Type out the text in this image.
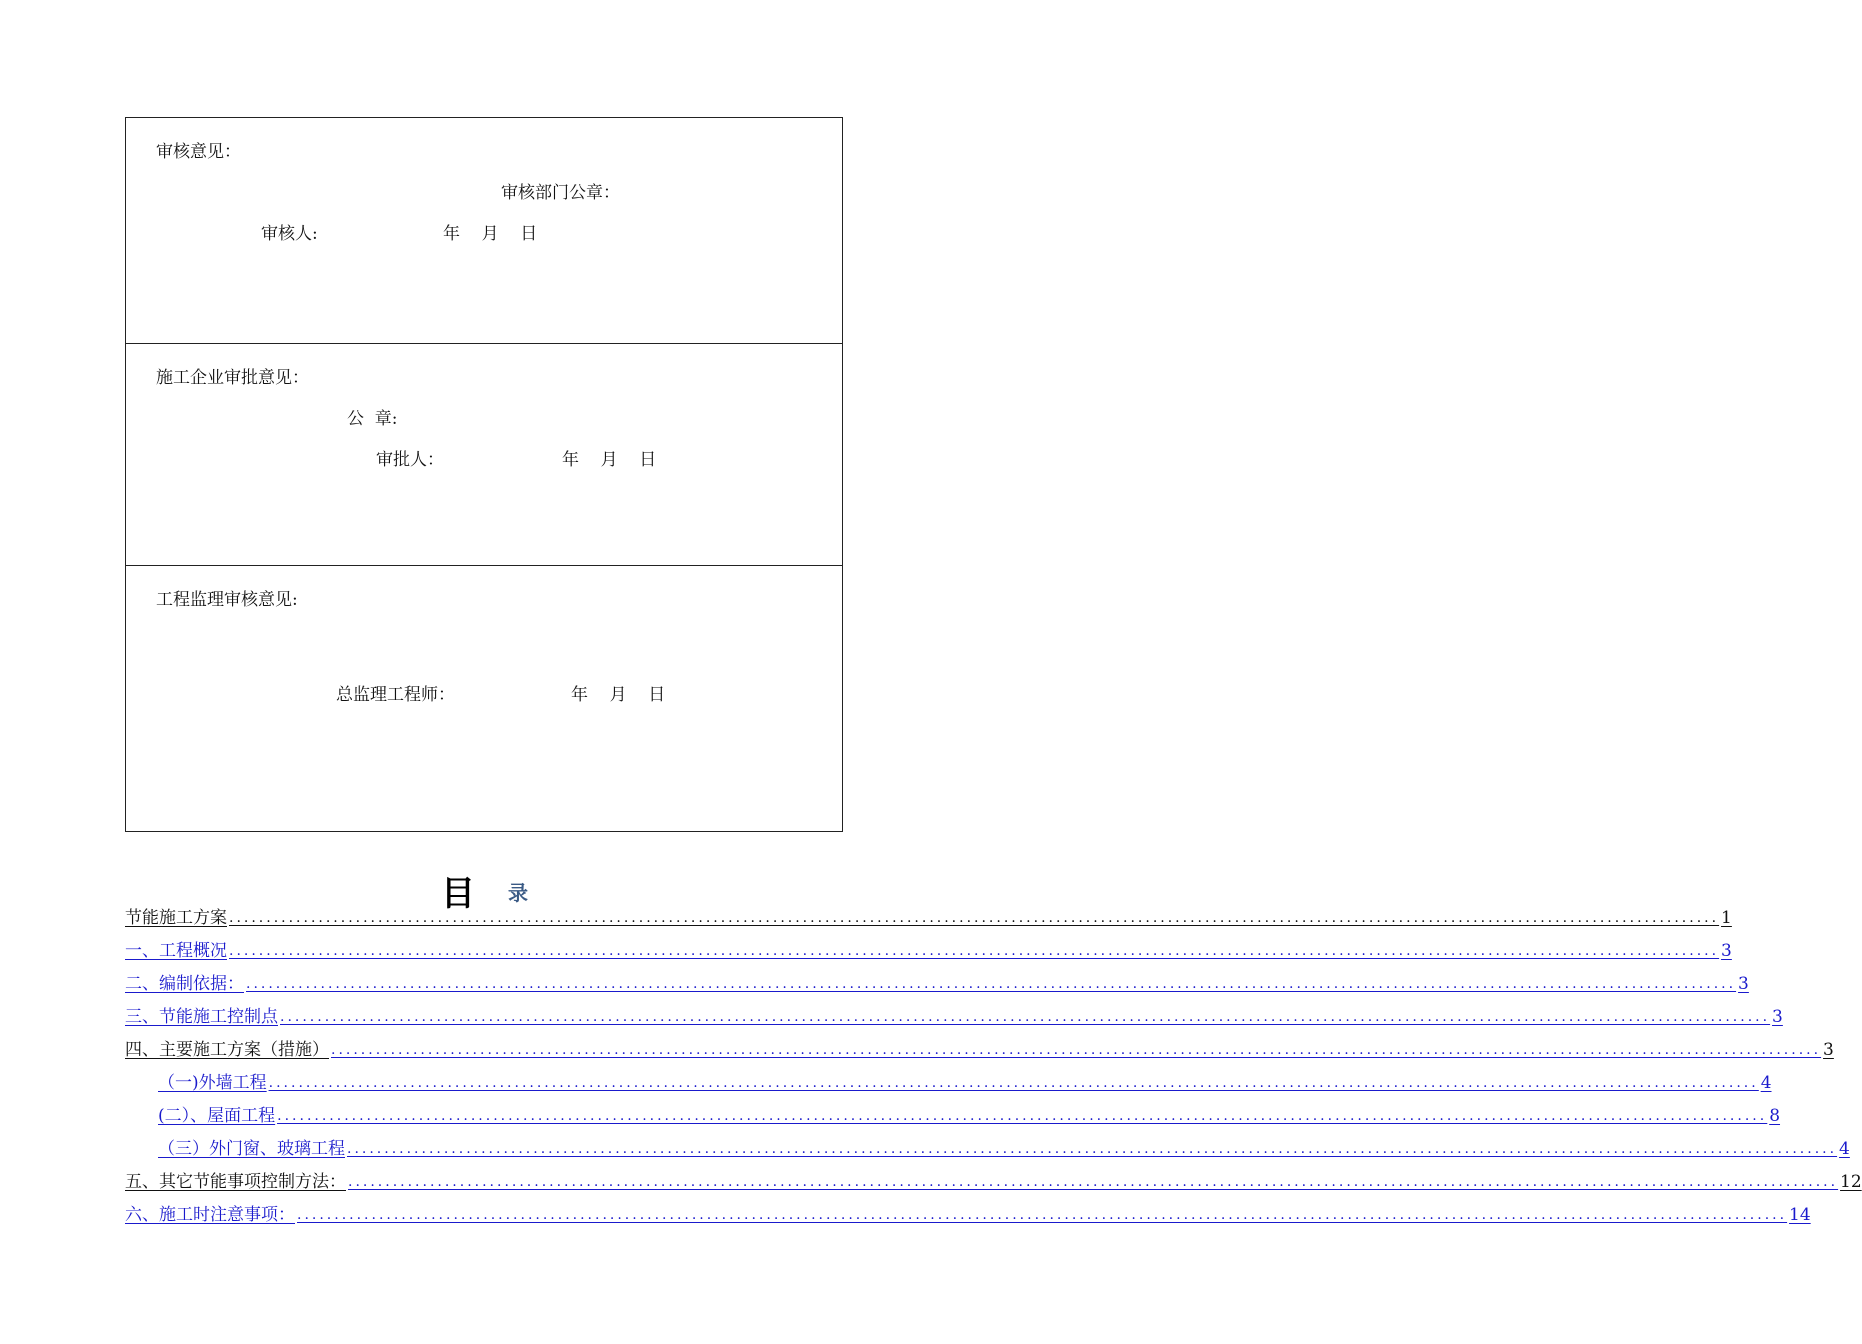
审核意见：
审核部门公章：
审核人:	年    月    日
施工企业审批意见：
公  章:
审批人：	年    月    日
工程监理审核意见:
总监理工程师：	年    月    日
目 录
节能施工方案 ........................................................................................................................................................................................................ 1
一、工程概况 ........................................................................................................................................................................................................ 3
二、编制依据： ........................................................................................................................................................................................................ 3
三、节能施工控制点 ........................................................................................................................................................................................................ 3
四、主要施工方案（措施） ........................................................................................................................................................................................................ 3
（一)外墙工程 ........................................................................................................................................................................................................ 4
(二）、屋面工程 ........................................................................................................................................................................................................ 8
（三）外门窗、玻璃工程 ........................................................................................................................................................................................................ 4
五、其它节能事项控制方法： ........................................................................................................................................................................................................ 12
六、施工时注意事项： ........................................................................................................................................................................................................ 14
